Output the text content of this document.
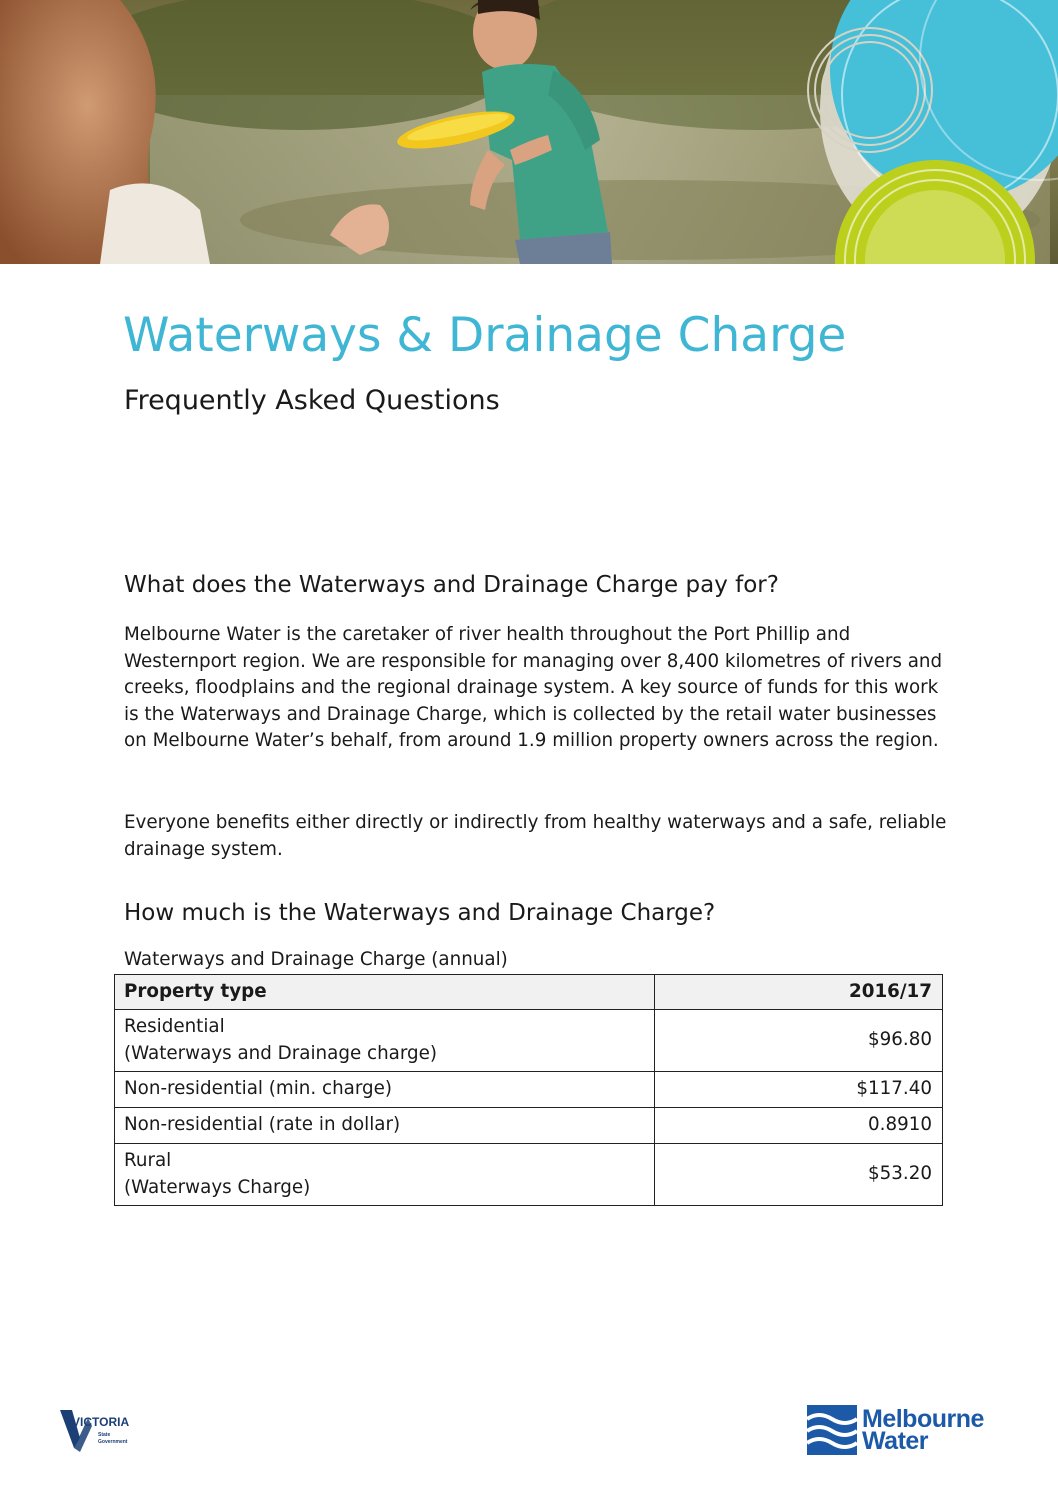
Waterways & Drainage Charge
Frequently Asked Questions
What does the Waterways and Drainage Charge pay for?

Melbourne Water is the caretaker of river health throughout the Port Phillip and Westernport region. We are responsible for managing over 8,400 kilometres of rivers and creeks, floodplains and the regional drainage system. A key source of funds for this work is the Waterways and Drainage Charge, which is collected by the retail water businesses on Melbourne Water’s behalf, from around 1.9 million property owners across the region.

Everyone benefits either directly or indirectly from healthy waterways and a safe, reliable drainage system.

How much is the Waterways and Drainage Charge?

Waterways and Drainage Charge (annual)

Property type	2016/17

Residential
(Waterways and Drainage charge)	$96.80
Non-residential (min. charge)	$117.40
Non-residential (rate in dollar)	0.8910

Rural
(Waterways Charge)	$53.20
VICTORIA
State
Government
Melbourne
Water
